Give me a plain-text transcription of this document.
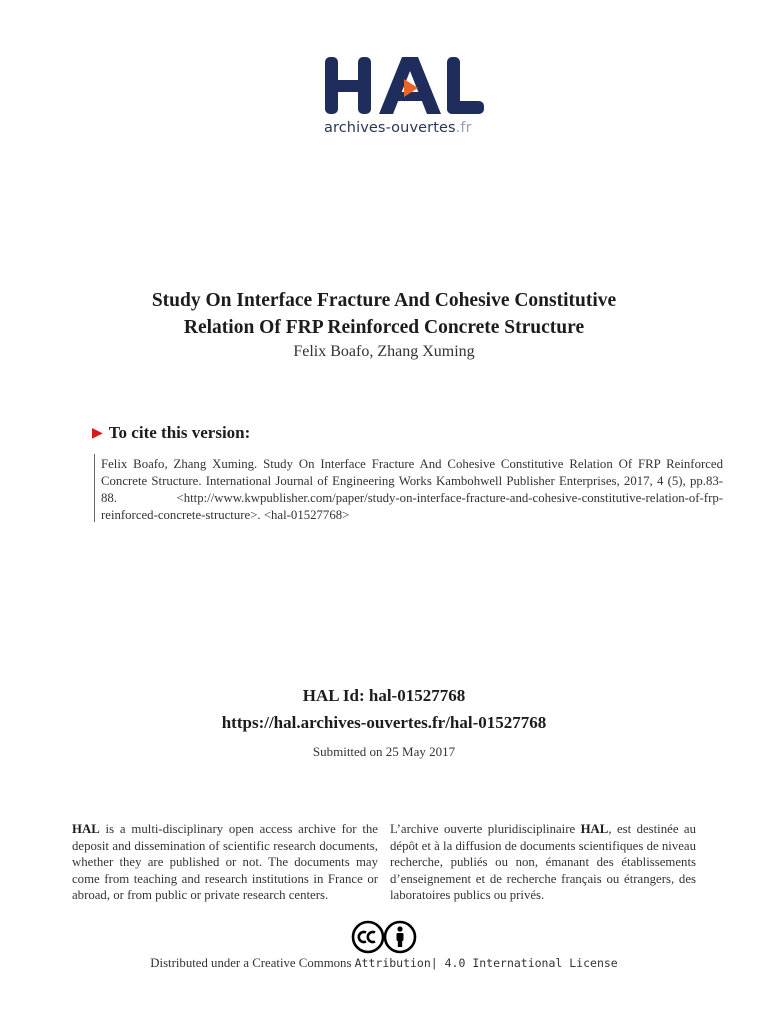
archives-ouvertes.fr
Study On Interface Fracture And Cohesive Constitutive
Relation Of FRP Reinforced Concrete Structure
Felix Boafo, Zhang Xuming
▶ To cite this version:
Felix Boafo, Zhang Xuming. Study On Interface Fracture And Cohesive Constitutive Relation Of FRP Reinforced Concrete Structure. International Journal of Engineering Works Kambohwell Publisher Enterprises, 2017, 4 (5), pp.83-88. <http://www.kwpublisher.com/paper/study-on-interface-fracture-and-cohesive-constitutive-relation-of-frp-reinforced-concrete-structure>. <hal-01527768>
HAL Id: hal-01527768
https://hal.archives-ouvertes.fr/hal-01527768
Submitted on 25 May 2017
HAL is a multi-disciplinary open access archive for the deposit and dissemination of scientific research documents, whether they are published or not. The documents may come from teaching and research institutions in France or abroad, or from public or private research centers.
L’archive ouverte pluridisciplinaire HAL, est destinée au dépôt et à la diffusion de documents scientifiques de niveau recherche, publiés ou non, émanant des établissements d’enseignement et de recherche français ou étrangers, des laboratoires publics ou privés.
Distributed under a Creative Commons Attribution| 4.0 International License
